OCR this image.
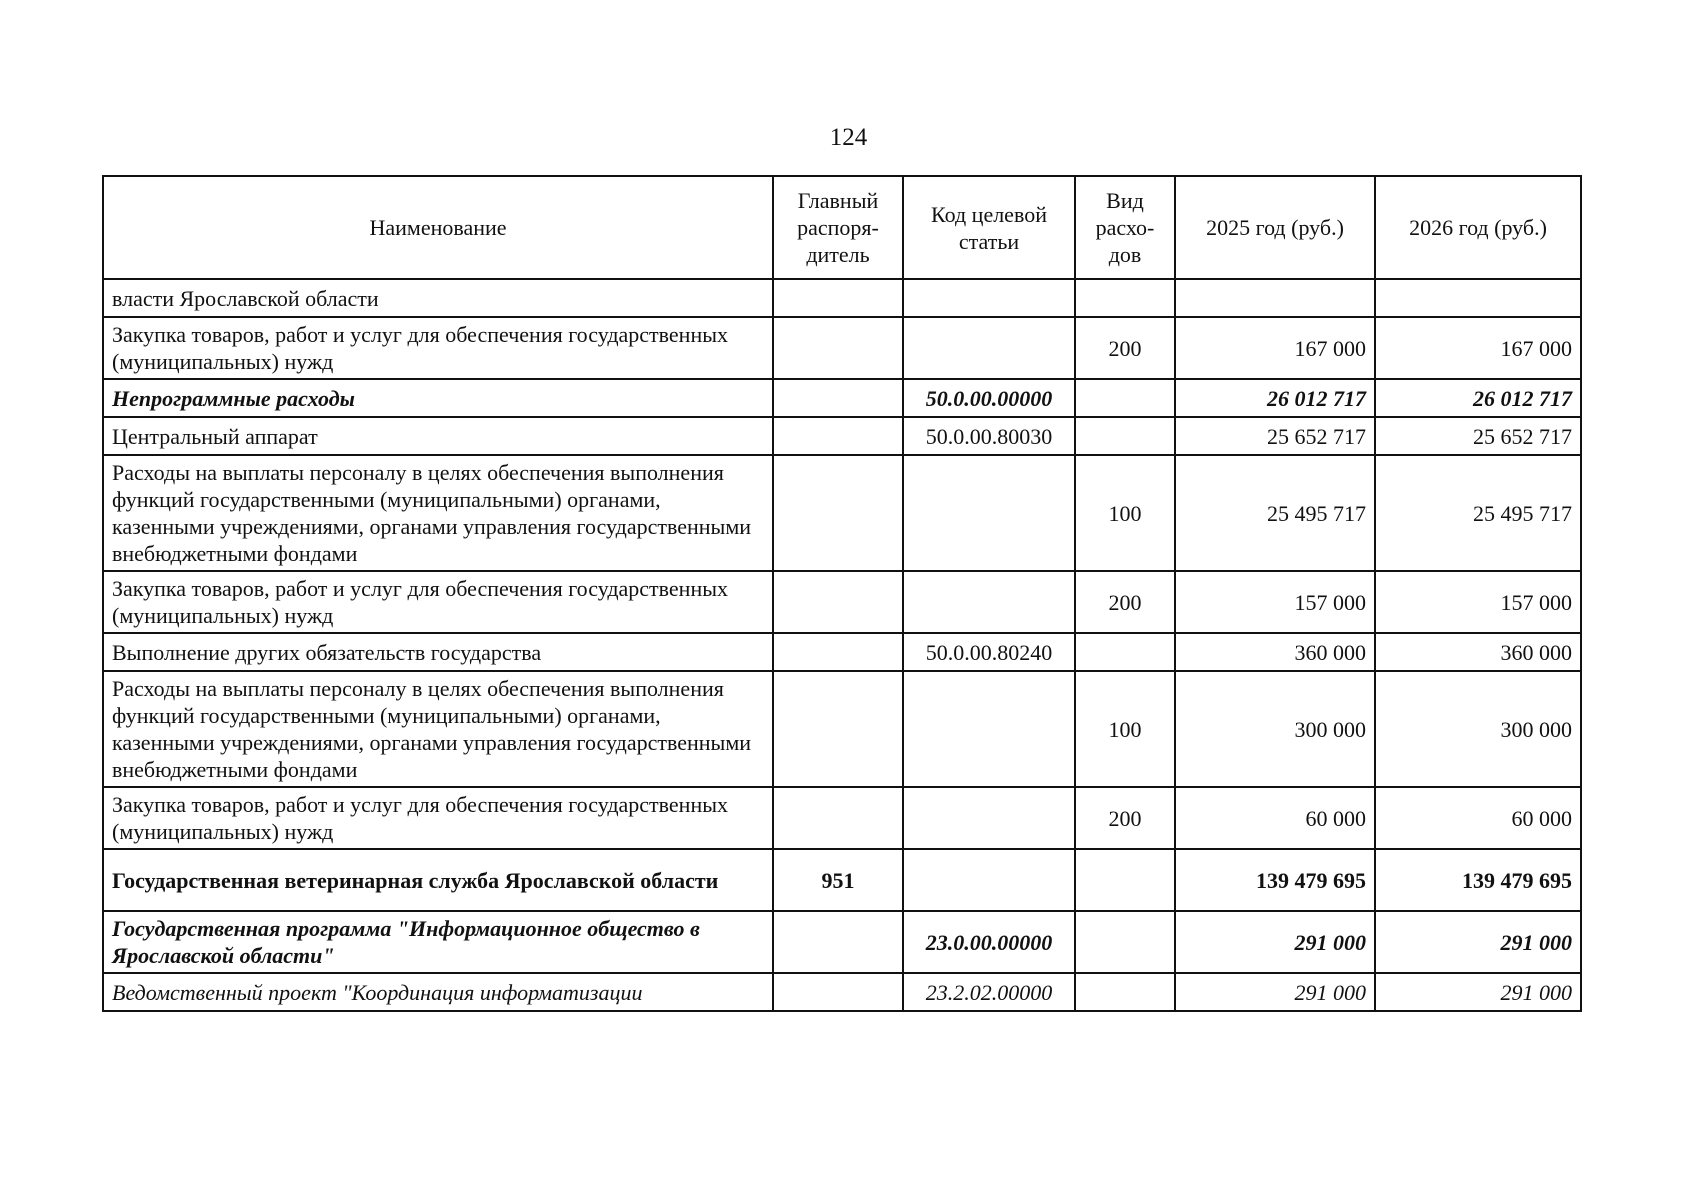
124
Наименование	Главный распоря-дитель	Код целевой статьи	Вид расхо-дов	2025 год (руб.)	2026 год (руб.)
власти Ярославской области					
Закупка товаров, работ и услуг для обеспечения государственных (муниципальных) нужд			200	167 000	167 000
Непрограммные расходы		50.0.00.00000		26 012 717	26 012 717
Центральный аппарат		50.0.00.80030		25 652 717	25 652 717
Расходы на выплаты персоналу в целях обеспечения выполнения функций государственными (муниципальными) органами, казенными учреждениями, органами управления государственными внебюджетными фондами			100	25 495 717	25 495 717
Закупка товаров, работ и услуг для обеспечения государственных (муниципальных) нужд			200	157 000	157 000
Выполнение других обязательств государства		50.0.00.80240		360 000	360 000
Расходы на выплаты персоналу в целях обеспечения выполнения функций государственными (муниципальными) органами, казенными учреждениями, органами управления государственными внебюджетными фондами			100	300 000	300 000
Закупка товаров, работ и услуг для обеспечения государственных (муниципальных) нужд			200	60 000	60 000
Государственная ветеринарная служба Ярославской области	951			139 479 695	139 479 695
Государственная программа "Информационное общество в Ярославской области"		23.0.00.00000		291 000	291 000
Ведомственный проект "Координация информатизации		23.2.02.00000		291 000	291 000
